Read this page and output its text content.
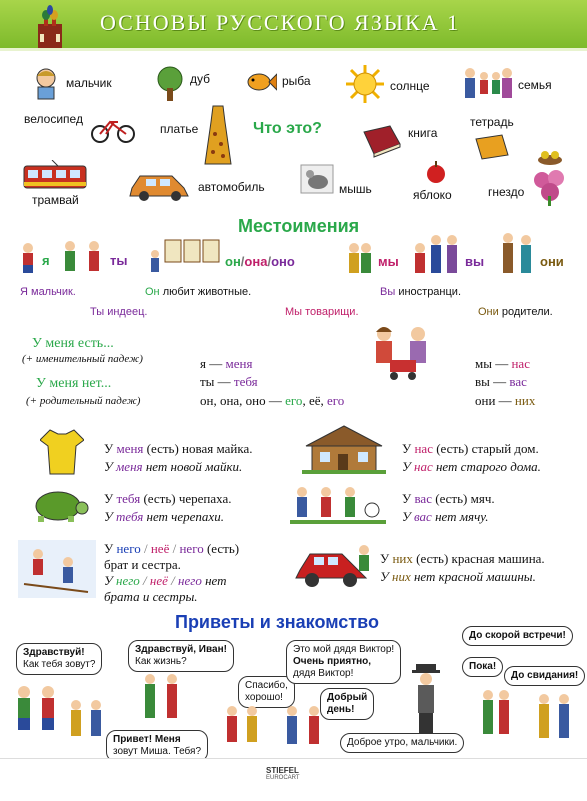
ОСНОВЫ РУССКОГО ЯЗЫКА 1
мальчик	дуб	рыба	солнце	семья
велосипед
платье	Что это?	книга
тетрадь
трамвай
автомобиль	мышь	яблоко	гнездо
Местоимения
я	ты	он/она/оно	мы	вы	они
Я мальчик.	Он любит животные.	Вы иностранци.
Ты индеец.	Мы товарищи.	Они родители.
У меня есть...
(+ именительный падеж)
У меня нет...
(+ родительный падеж)
я — меня
ты — тебя
он, она, оно — его, её, его
мы — нас
вы — вас
они — них
У меня (есть) новая майка.
У меня нет новой майки.
У нас (есть) старый дом.
У нас нет старого дома.
У тебя (есть) черепаха.
У тебя нет черепахи.
У вас (есть) мяч.
У вас нет мячу.
У него / неё / него (есть)
брат и сестра.
У него / неё / него нет
брата и сестры.
У них (есть) красная машина.
У них нет красной машины.
Приветы и знакомство
Здравствуй!
Как тебя зовут?
Здравствуй, Иван!
Как жизнь?
Спасибо,
хорошо!
Привет! Меня
зовут Миша. Тебя?
Это мой дядя Виктор!
Очень приятно,
дядя Виктор!
Добрый
день!
До скорой встречи!
Пока!
До свидания!
Доброе утро, мальчики.
STIEFEL
EUROCART
